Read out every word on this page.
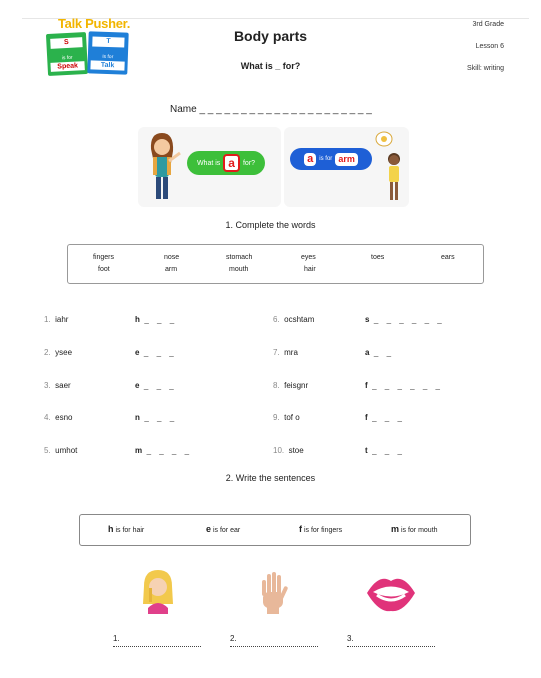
Talk Pusher.
S
is for
Speak
T
is for
Talk
Body parts
What is _ for?
3rd Grade
Lesson 6
Skill: writing
Name _ _ _ _ _ _ _ _ _ _ _ _ _ _ _ _ _ _ _ _ _
What is a	for?	a	is for arm
1. Complete the words
fingers	nose	stomach	eyes	toes	ears
foot	arm	mouth	hair
1. iahr	h _ _ _
2. ysee	e _ _ _
3. saer	e _ _ _
4. esno	n _ _ _
5. umhot	m _ _ _ _
6. ocshtam	s _ _ _ _ _ _
7. mra	a _ _
8. feisgnr	f _ _ _ _ _ _
9. tof o	f _ _ _
10. stoe	t _ _ _
2. Write the sentences
h is for hair	e is for ear	f is for fingers	m is for mouth
1.	2.	3.
